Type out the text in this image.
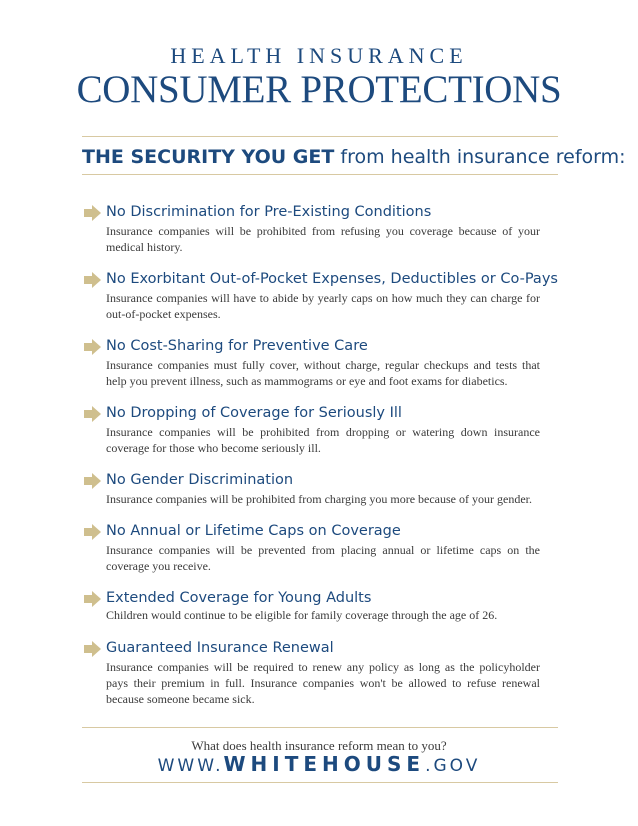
HEALTH INSURANCE
CONSUMER PROTECTIONS
THE SECURITY YOU GET from health insurance reform:
No Discrimination for Pre-Existing Conditions
Insurance companies will be prohibited from refusing you coverage because of your medical history.
No Exorbitant Out-of-Pocket Expenses, Deductibles or Co-Pays
Insurance companies will have to abide by yearly caps on how much they can charge for out-of-pocket expenses.
No Cost-Sharing for Preventive Care
Insurance companies must fully cover, without charge, regular checkups and tests that help you prevent illness, such as mammograms or eye and foot exams for diabetics.
No Dropping of Coverage for Seriously Ill
Insurance companies will be prohibited from dropping or watering down insurance coverage for those who become seriously ill.
No Gender Discrimination
Insurance companies will be prohibited from charging you more because of your gender.
No Annual or Lifetime Caps on Coverage
Insurance companies will be prevented from placing annual or lifetime caps on the coverage you receive.
Extended Coverage for Young Adults
Children would continue to be eligible for family coverage through the age of 26.
Guaranteed Insurance Renewal
Insurance companies will be required to renew any policy as long as the policyholder pays their premium in full. Insurance companies won't be allowed to refuse renewal because someone became sick.
What does health insurance reform mean to you?
WWW.WHITEHOUSE.GOV
